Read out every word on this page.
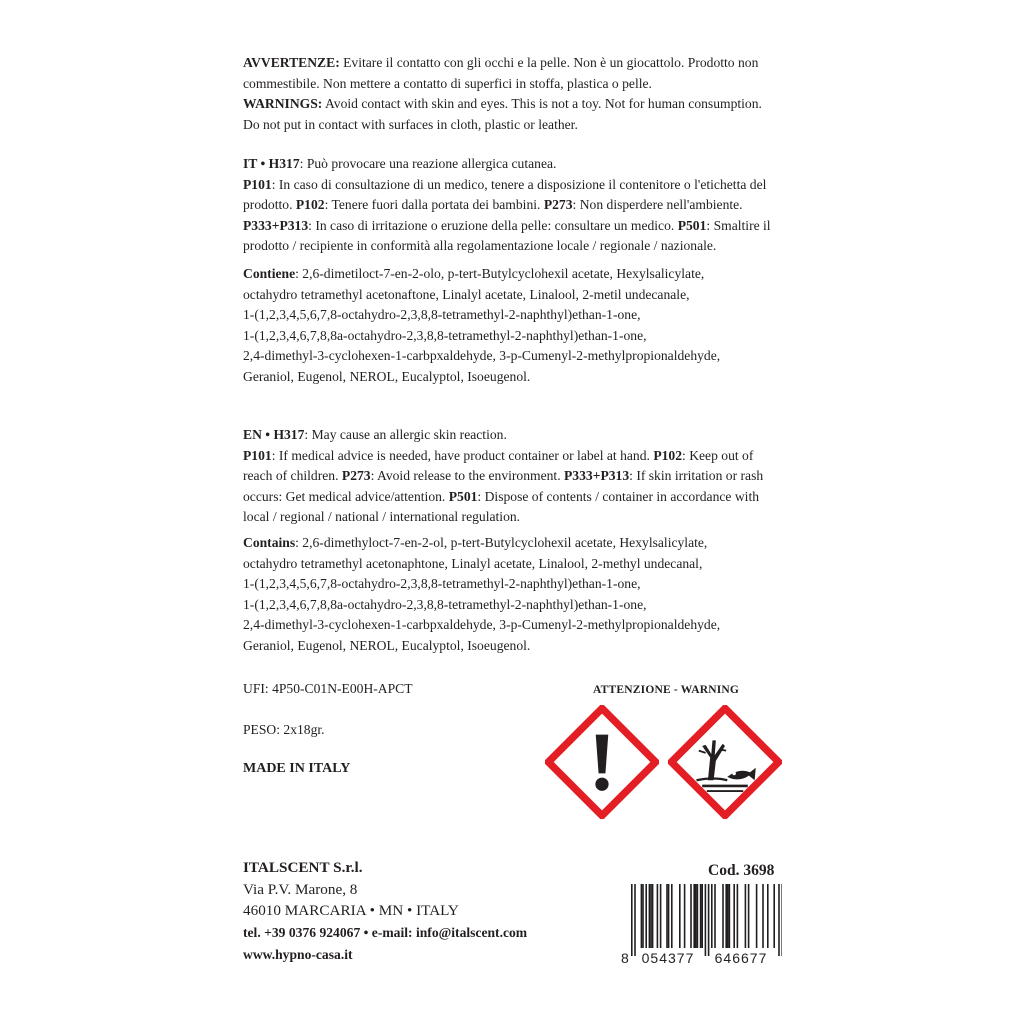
AVVERTENZE: Evitare il contatto con gli occhi e la pelle. Non è un giocattolo. Prodotto non commestibile. Non mettere a contatto di superfici in stoffa, plastica o pelle.

WARNINGS: Avoid contact with skin and eyes. This is not a toy. Not for human consumption. Do not put in contact with surfaces in cloth, plastic or leather.

IT • H317: Può provocare una reazione allergica cutanea.

P101: In caso di consultazione di un medico, tenere a disposizione il contenitore o l'etichetta del prodotto. P102: Tenere fuori dalla portata dei bambini. P273: Non disperdere nell'ambiente. P333+P313: In caso di irritazione o eruzione della pelle: consultare un medico. P501: Smaltire il prodotto / recipiente in conformità alla regolamentazione locale / regionale / nazionale.

Contiene: 2,6-dimetiloct-7-en-2-olo, p-tert-Butylcyclohexil acetate, Hexylsalicylate,
octahydro tetramethyl acetonaftone, Linalyl acetate, Linalool, 2-metil undecanale,
1-(1,2,3,4,5,6,7,8-octahydro-2,3,8,8-tetramethyl-2-naphthyl)ethan-1-one,
1-(1,2,3,4,6,7,8,8a-octahydro-2,3,8,8-tetramethyl-2-naphthyl)ethan-1-one,
2,4-dimethyl-3-cyclohexen-1-carbpxaldehyde, 3-p-Cumenyl-2-methylpropionaldehyde,
Geraniol, Eugenol, NEROL, Eucalyptol, Isoeugenol.

EN • H317: May cause an allergic skin reaction.

P101: If medical advice is needed, have product container or label at hand. P102: Keep out of reach of children. P273: Avoid release to the environment. P333+P313: If skin irritation or rash occurs: Get medical advice/attention. P501: Dispose of contents / container in accordance with local / regional / national / international regulation.

Contains: 2,6-dimethyloct-7-en-2-ol, p-tert-Butylcyclohexil acetate, Hexylsalicylate,
octahydro tetramethyl acetonaphtone, Linalyl acetate, Linalool, 2-methyl undecanal,
1-(1,2,3,4,5,6,7,8-octahydro-2,3,8,8-tetramethyl-2-naphthyl)ethan-1-one,
1-(1,2,3,4,6,7,8,8a-octahydro-2,3,8,8-tetramethyl-2-naphthyl)ethan-1-one,
2,4-dimethyl-3-cyclohexen-1-carbpxaldehyde, 3-p-Cumenyl-2-methylpropionaldehyde,
Geraniol, Eugenol, NEROL, Eucalyptol, Isoeugenol.
UFI: 4P50-C01N-E00H-APCT
PESO: 2x18gr.
MADE IN ITALY
ATTENZIONE - WARNING
ITALSCENT S.r.l.
Via P.V. Marone, 8
46010 MARCARIA • MN • ITALY
tel. +39 0376 924067 • e-mail: info@italscent.com
www.hypno-casa.it
Cod. 3698
8 054377 646677
